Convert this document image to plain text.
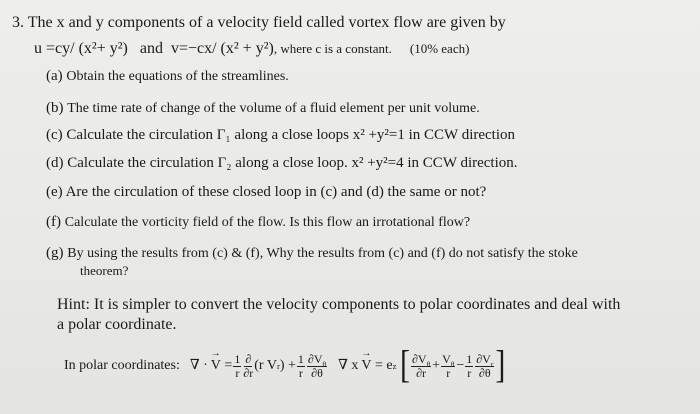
3. The x and y components of a velocity field called vortex flow are given by
u =cy/ (x²+ y²) and v=−cx/ (x² + y²), where c is a constant. (10% each)
(a) Obtain the equations of the streamlines.
(b) The time rate of change of the volume of a fluid element per unit volume.
(c) Calculate the circulation Γ₁ along a close loops x² +y²=1 in CCW direction
(d) Calculate the circulation Γ₂ along a close loop. x² +y²=4 in CCW direction.
(e) Are the circulation of these closed loop in (c) and (d) the same or not?
(f) Calculate the vorticity field of the flow. Is this flow an irrotational flow?
(g) By using the results from (c) & (f), Why the results from (c) and (f) do not satisfy the stoke
theorem?
Hint: It is simpler to convert the velocity components to polar coordinates and deal with
a polar coordinate.
In polar coordinates: ∇ · → $V = \frac{1}{r} \frac{\partial}{\partial r} (r$ V r ) + $\frac{1}{r} \frac{\partial V_\theta}{\partial\theta}$ ∇ x → V = e z
[ $\frac{\partial V_\theta}{\partial r} + \frac{V_\theta}{r} - \frac{1}{r} \frac{\partial V_r}{\partial\theta}$ ]
